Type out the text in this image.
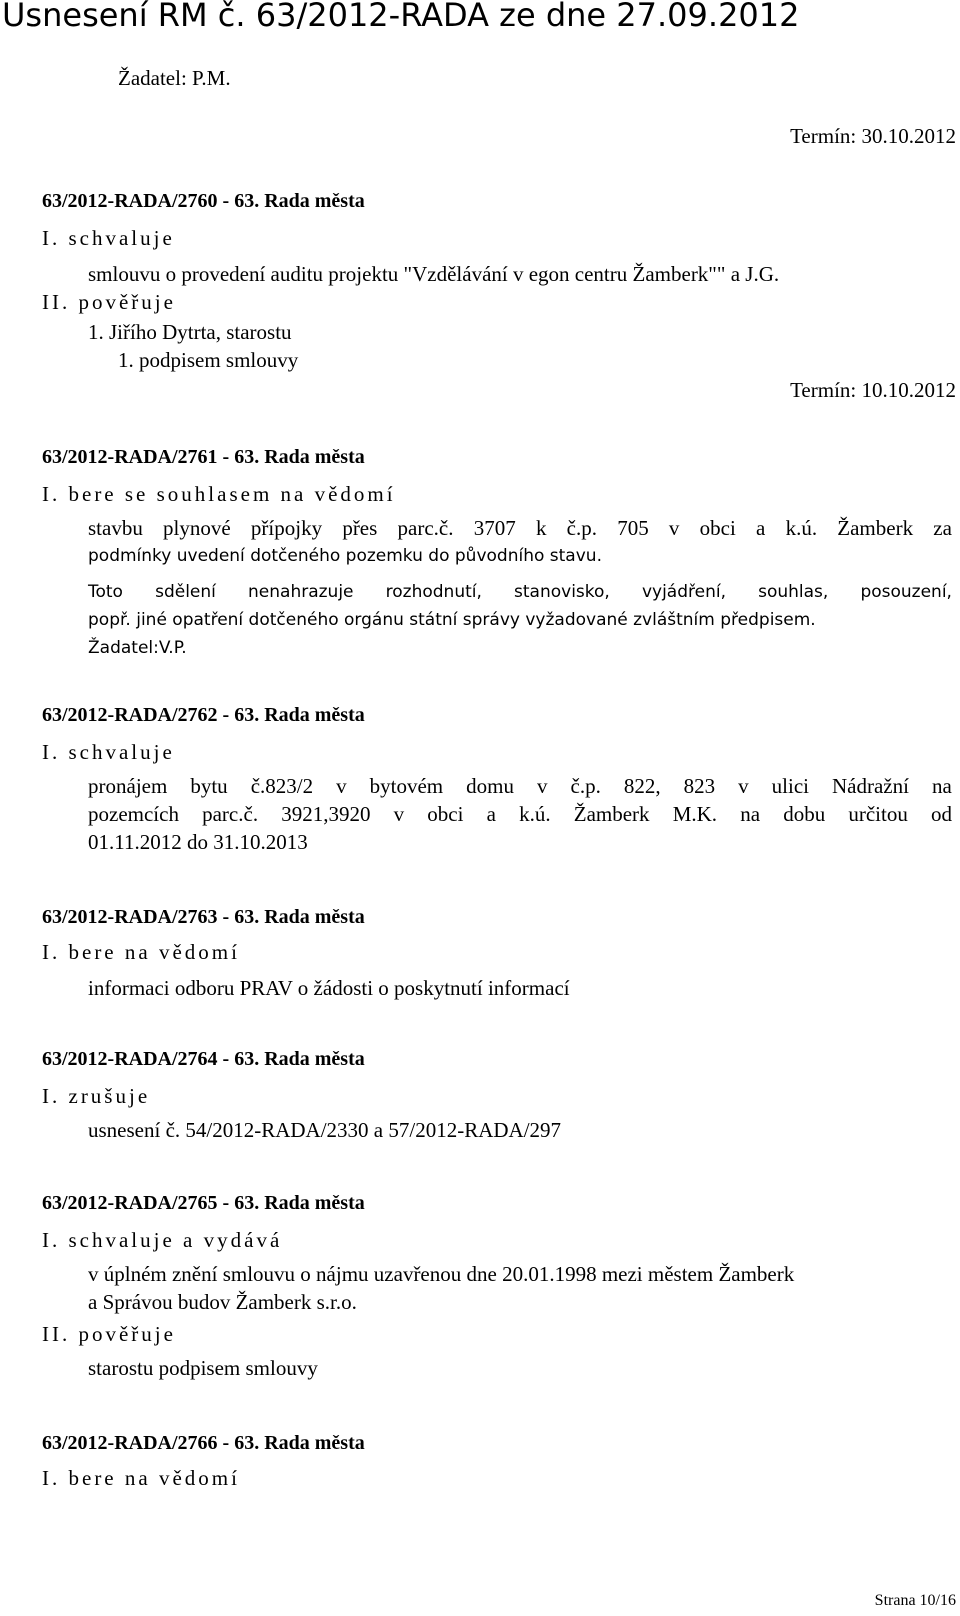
Usnesení RM č. 63/2012-RADA ze dne 27.09.2012
Žadatel: P.M.
Termín: 30.10.2012
63/2012-RADA/2760 - 63. Rada města
I. schvaluje
smlouvu o provedení auditu projektu "Vzdělávání v egon centru Žamberk"" a J.G.
II. pověřuje
1. Jiřího Dytrta, starostu
1. podpisem smlouvy
Termín: 10.10.2012
63/2012-RADA/2761 - 63. Rada města
I. bere se souhlasem na vědomí
stavbu plynové přípojky přes parc.č. 3707 k č.p. 705 v obci a k.ú. Žamberk za
podmínky uvedení dotčeného pozemku do původního stavu.
Toto sdělení nenahrazuje rozhodnutí, stanovisko, vyjádření, souhlas, posouzení,
popř. jiné opatření dotčeného orgánu státní správy vyžadované zvláštním předpisem.
Žadatel:V.P.
63/2012-RADA/2762 - 63. Rada města
I. schvaluje
pronájem bytu č.823/2 v bytovém domu v č.p. 822, 823 v ulici Nádražní na
pozemcích parc.č. 3921,3920 v obci a k.ú. Žamberk M.K. na dobu určitou od
01.11.2012 do 31.10.2013
63/2012-RADA/2763 - 63. Rada města
I. bere na vědomí
informaci odboru PRAV o žádosti o poskytnutí informací
63/2012-RADA/2764 - 63. Rada města
I. zrušuje
usnesení č. 54/2012-RADA/2330 a 57/2012-RADA/297
63/2012-RADA/2765 - 63. Rada města
I. schvaluje a vydává
v úplném znění smlouvu o nájmu uzavřenou dne 20.01.1998 mezi městem Žamberk
a Správou budov Žamberk s.r.o.
II. pověřuje
starostu podpisem smlouvy
63/2012-RADA/2766 - 63. Rada města
I. bere na vědomí
Strana 10/16
